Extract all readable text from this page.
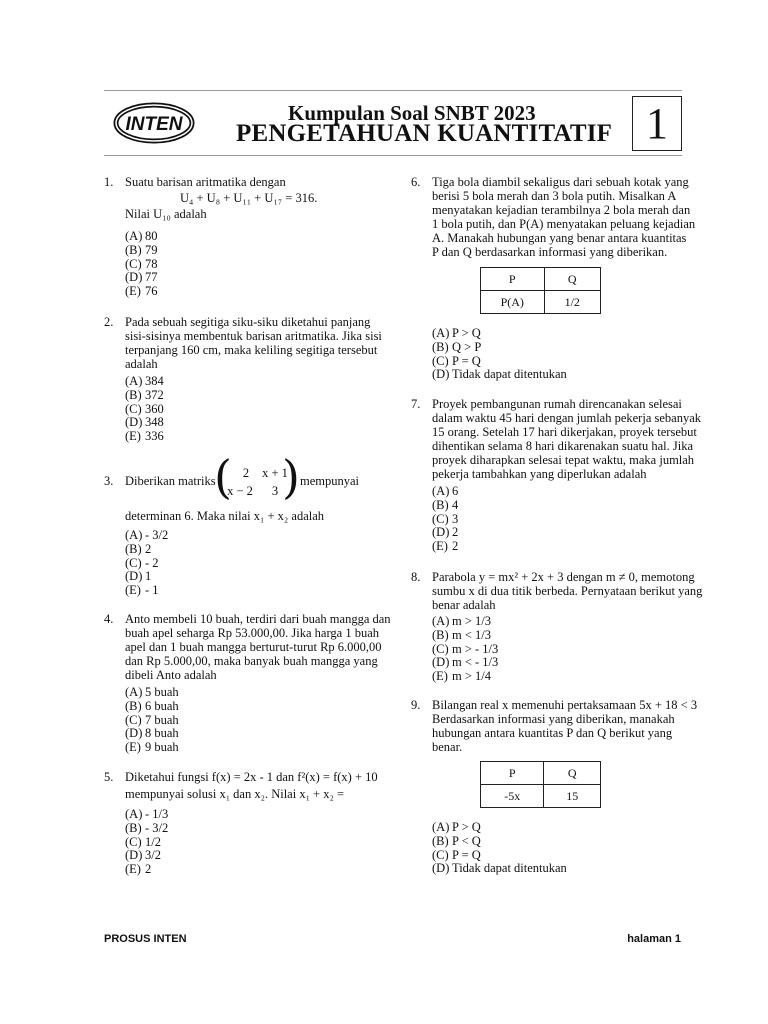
INTEN	Kumpulan Soal SNBT 2023
PENGETAHUAN KUANTITATIF 1
1. Suatu barisan aritmatika dengan
U₄ + U₈ + U₁₁ + U₁₇ = 316.
Nilai U₁₀ adalah
(A) 80
(B) 79
(C) 78
(D) 77
(E) 76
2. Pada sebuah segitiga siku-siku diketahui panjang
sisi-sisinya membentuk barisan aritmatika. Jika sisi
terpanjang 160 cm, maka keliling segitiga tersebut
adalah
(A) 384
(B) 372
(C) 360
(D) 348
(E) 336
3. Diberikan matriks
( 2	x + 1
x − 2	3 ) mempunyai
determinan 6. Maka nilai x₁ + x₂ adalah
(A) - 3/2
(B) 2
(C) - 2
(D) 1
(E) - 1
4. Anto membeli 10 buah, terdiri dari buah mangga dan
buah apel seharga Rp 53.000,00. Jika harga 1 buah
apel dan 1 buah mangga berturut-turut Rp 6.000,00
dan Rp 5.000,00, maka banyak buah mangga yang
dibeli Anto adalah
(A) 5 buah
(B) 6 buah
(C) 7 buah
(D) 8 buah
(E) 9 buah
5. Diketahui fungsi f(x) = 2x - 1 dan f²(x) = f(x) + 10
mempunyai solusi x₁ dan x₂. Nilai x₁ + x₂ =
(A) - 1/3
(B) - 3/2
(C) 1/2
(D) 3/2
(E) 2
6. Tiga bola diambil sekaligus dari sebuah kotak yang
berisi 5 bola merah dan 3 bola putih. Misalkan A
menyatakan kejadian terambilnya 2 bola merah dan
1 bola putih, dan P(A) menyatakan peluang kejadian
A. Manakah hubungan yang benar antara kuantitas
P dan Q berdasarkan informasi yang diberikan.
P	Q
P(A)	1/2
(A) P > Q
(B) Q > P
(C) P = Q
(D) Tidak dapat ditentukan
7. Proyek pembangunan rumah direncanakan selesai
dalam waktu 45 hari dengan jumlah pekerja sebanyak
15 orang. Setelah 17 hari dikerjakan, proyek tersebut
dihentikan selama 8 hari dikarenakan suatu hal. Jika
proyek diharapkan selesai tepat waktu, maka jumlah
pekerja tambahkan yang diperlukan adalah
(A) 6
(B) 4
(C) 3
(D) 2
(E) 2
8. Parabola y = mx² + 2x + 3 dengan m ≠ 0, memotong
sumbu x di dua titik berbeda. Pernyataan berikut yang
benar adalah
(A) m > 1/3
(B) m < 1/3
(C) m > - 1/3
(D) m < - 1/3
(E) m > 1/4
9. Bilangan real x memenuhi pertaksamaan 5x + 18 < 3
Berdasarkan informasi yang diberikan, manakah
hubungan antara kuantitas P dan Q berikut yang
benar.
P	Q
-5x	15
(A) P > Q
(B) P < Q
(C) P = Q
(D) Tidak dapat ditentukan
PROSUS INTEN	halaman 1
